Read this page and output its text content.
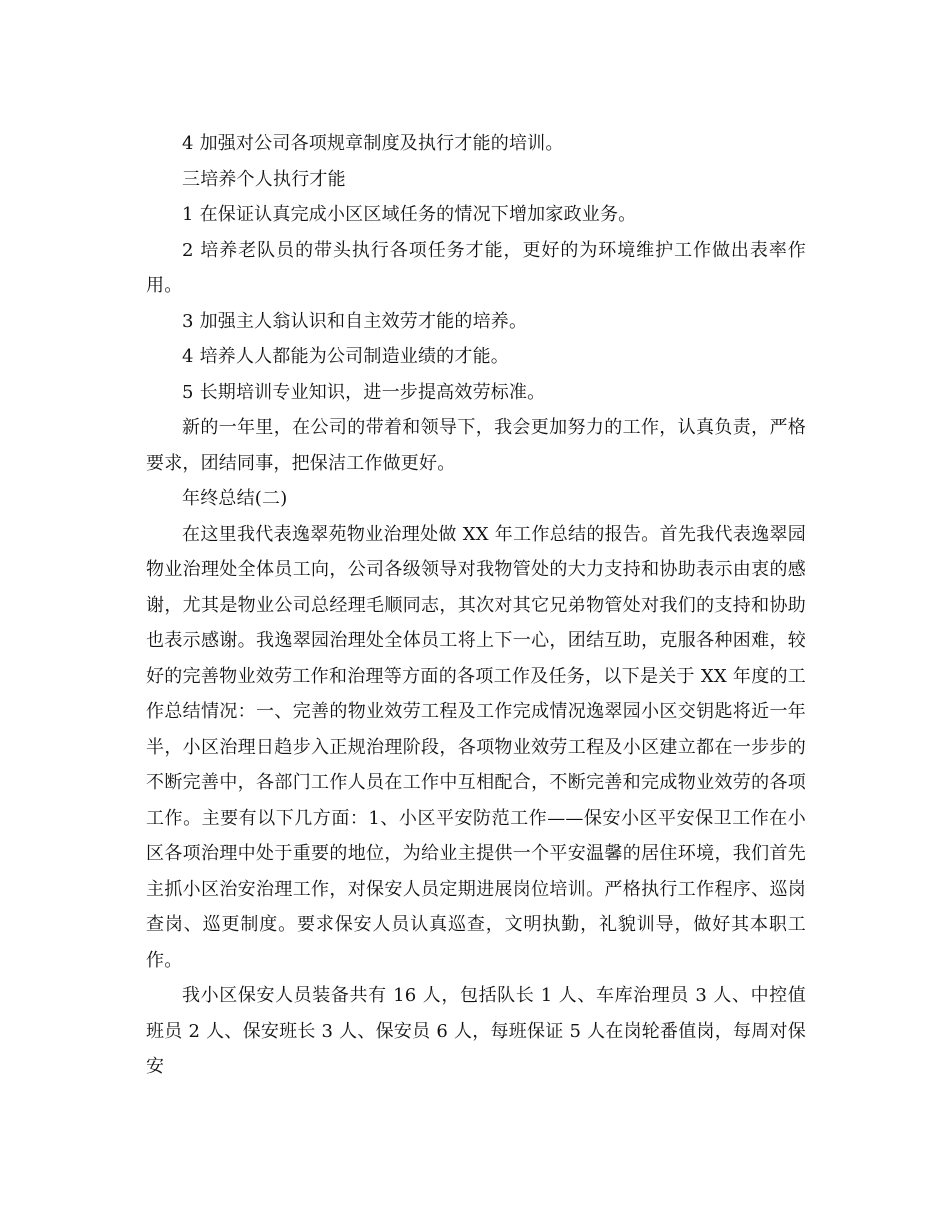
4 加强对公司各项规章制度及执行才能的培训。

三培养个人执行才能

1 在保证认真完成小区区域任务的情况下增加家政业务。

2 培养老队员的带头执行各项任务才能，更好的为环境维护工作做出表率作用。

3 加强主人翁认识和自主效劳才能的培养。

4 培养人人都能为公司制造业绩的才能。

5 长期培训专业知识，进一步提高效劳标准。

新的一年里，在公司的带着和领导下，我会更加努力的工作，认真负责，严格要求，团结同事，把保洁工作做更好。

年终总结(二)

在这里我代表逸翠苑物业治理处做 XX 年工作总结的报告。首先我代表逸翠园物业治理处全体员工向，公司各级领导对我物管处的大力支持和协助表示由衷的感谢，尤其是物业公司总经理毛顺同志，其次对其它兄弟物管处对我们的支持和协助也表示感谢。我逸翠园治理处全体员工将上下一心，团结互助，克服各种困难，较好的完善物业效劳工作和治理等方面的各项工作及任务，以下是关于 XX 年度的工作总结情况：一、完善的物业效劳工程及工作完成情况逸翠园小区交钥匙将近一年半，小区治理日趋步入正规治理阶段，各项物业效劳工程及小区建立都在一步步的不断完善中，各部门工作人员在工作中互相配合，不断完善和完成物业效劳的各项工作。主要有以下几方面：1、小区平安防范工作——保安小区平安保卫工作在小区各项治理中处于重要的地位，为给业主提供一个平安温馨的居住环境，我们首先主抓小区治安治理工作，对保安人员定期进展岗位培训。严格执行工作程序、巡岗查岗、巡更制度。要求保安人员认真巡查，文明执勤，礼貌训导，做好其本职工作。

我小区保安人员装备共有 16 人，包括队长 1 人、车库治理员 3 人、中控值班员 2 人、保安班长 3 人、保安员 6 人，每班保证 5 人在岗轮番值岗，每周对保安
